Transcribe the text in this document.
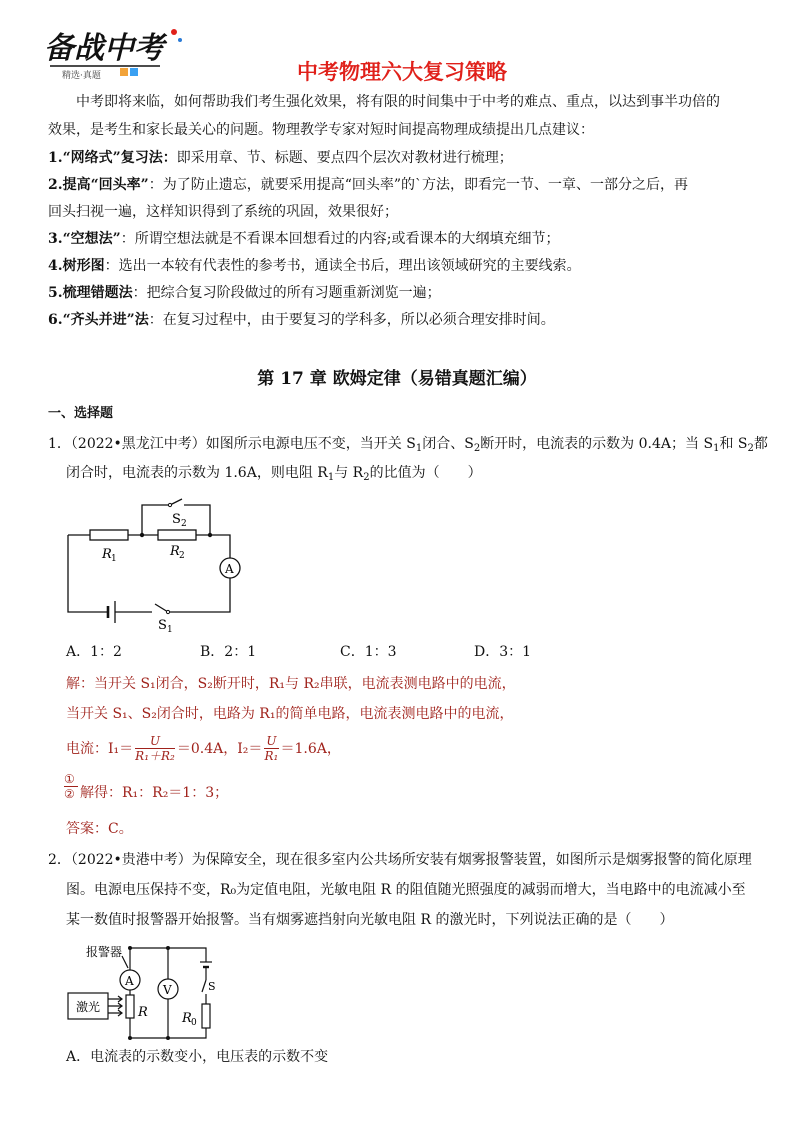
备战中考
精选·真题	中考物理六大复习策略
中考即将来临，如何帮助我们考生强化效果，将有限的时间集中于中考的难点、重点，以达到事半功倍的
效果，是考生和家长最关心的问题。物理教学专家对短时间提高物理成绩提出几点建议：
1.“网络式”复习法：即采用章、节、标题、要点四个层次对教材进行梳理；
2.提高“回头率”：为了防止遗忘，就要采用提高“回头率”的`方法，即看完一节、一章、一部分之后，再
回头扫视一遍，这样知识得到了系统的巩固，效果很好；
3.“空想法”：所谓空想法就是不看课本回想看过的内容;或看课本的大纲填充细节；
4.树形图：选出一本较有代表性的参考书，通读全书后，理出该领域研究的主要线索。
5.梳理错题法：把综合复习阶段做过的所有习题重新浏览一遍；
6.“齐头并进”法：在复习过程中，由于要复习的学科多，所以必须合理安排时间。
第 17 章 欧姆定律（易错真题汇编）
一、选择题
1．（2022•黑龙江中考）如图所示电源电压不变，当开关 $S_1$闭合、$S_2$断开时，电流表的示数为 0.4A；当 $S_1$和 $S_2$都
闭合时，电流表的示数为 1.6A，则电阻 $R_1$与 $R_2$的比值为（　　）
A
S 2
R 1	R 2
S 1
A．1：2	B．2：1	C．1：3	D．3：1
解：当开关 S₁闭合，S₂断开时，R₁与 R₂串联，电流表测电路中的电流，
当开关 S₁、S₂闭合时，电路为 R₁的简单电路，电流表测电路中的电流，
电流：$I_1= \frac{U}{\text{R₁＋R₂}} =0.4A$，$I_2= \frac{U}{\text{R₁}} =1.6A$，
①
② 解得：R₁：R₂＝1：3；
答案：C。
2．（2022•贵港中考）为保障安全，现在很多室内公共场所安装有烟雾报警装置，如图所示是烟雾报警的简化原理
图。电源电压保持不变，R₀为定值电阻，光敏电阻 R 的阻值随光照强度的减弱而增大，当电路中的电流减小至
某一数值时报警器开始报警。当有烟雾遮挡射向光敏电阻 R 的激光时，下列说法正确的是（　　）
报警器
A
V
激光	R	R 0
S
A．电流表的示数变小，电压表的示数不变
